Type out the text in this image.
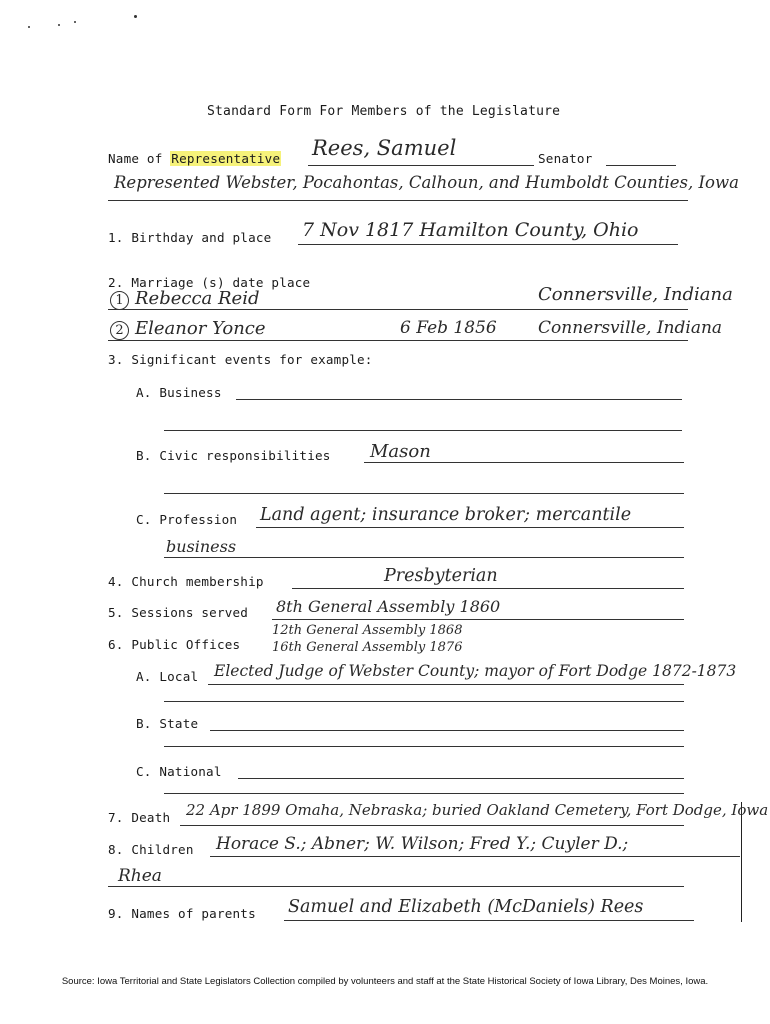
Standard Form For Members of the Legislature
Name of Representative Rees, Samuel	Senator
Represented Webster, Pocahontas, Calhoun, and Humboldt Counties, Iowa
1. Birthday and place 7 Nov 1817 Hamilton County, Ohio
2. Marriage (s) date place
1 Rebecca Reid	Connersville, Indiana
2 Eleanor Yonce	6 Feb 1856 Connersville, Indiana
3. Significant events for example:
A. Business
B. Civic responsibilities Mason
C. Profession Land agent; insurance broker; mercantile
business
4. Church membership	Presbyterian
5. Sessions served 8th General Assembly 1860
6. Public Offices
12th General Assembly 1868
16th General Assembly 1876
A. Local Elected Judge of Webster County; mayor of Fort Dodge 1872-1873
B. State
C. National
7. Death 22 Apr 1899 Omaha, Nebraska; buried Oakland Cemetery, Fort Dodge, Iowa
8. Children Horace S.; Abner; W. Wilson; Fred Y.; Cuyler D.;
Rhea
9. Names of parents Samuel and Elizabeth (McDaniels) Rees
Source: Iowa Territorial and State Legislators Collection compiled by volunteers and staff at the State Historical Society of Iowa Library, Des Moines, Iowa.
